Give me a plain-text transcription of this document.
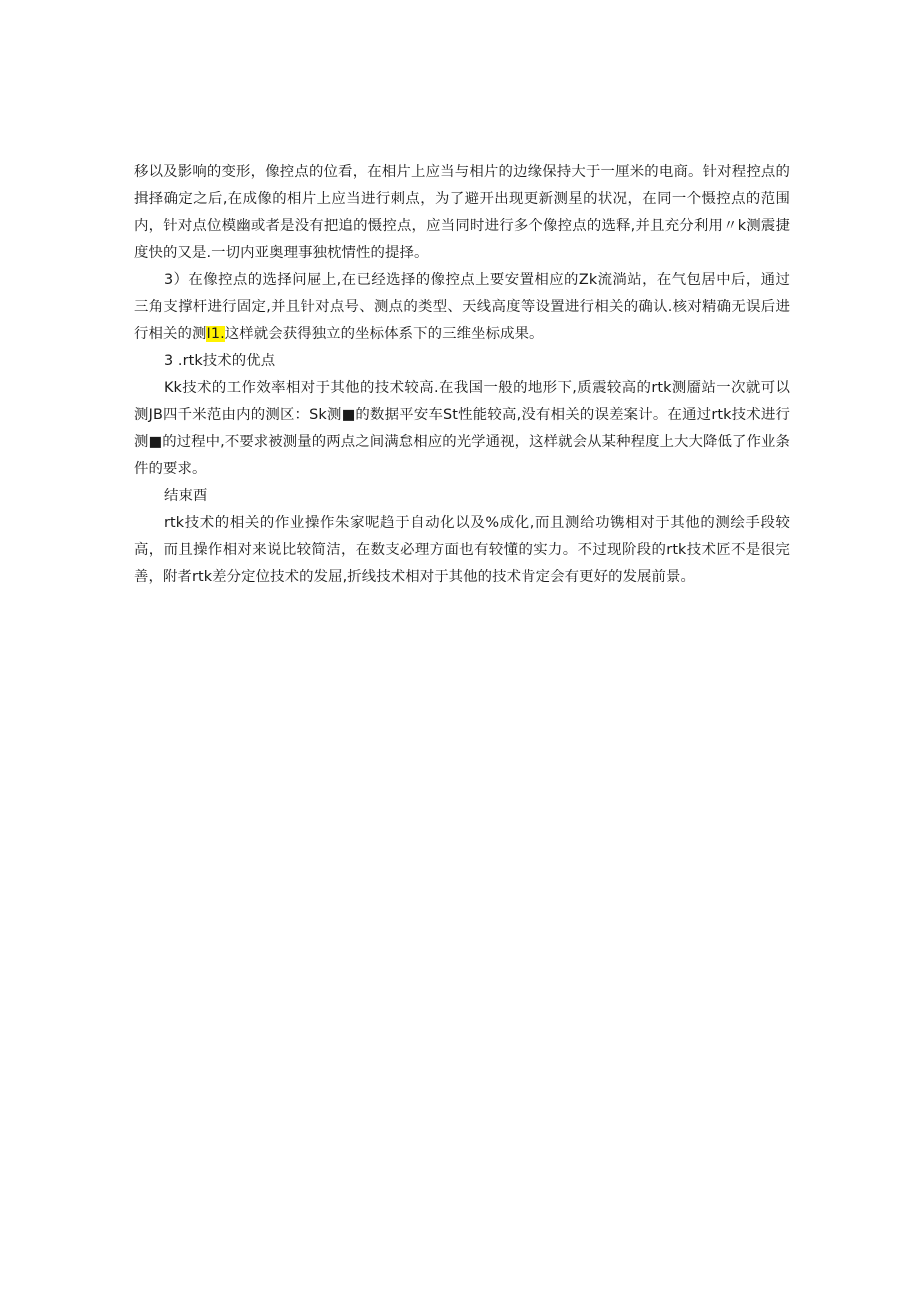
移以及影响的变形，像控点的位看，在相片上应当与相片的边缘保持大于一厘米的电商。针对程控点的揖择确定之后,在成像的相片上应当进行刺点，为了避开出现更新测星的状况，在同一个慑控点的范围内，针对点位模幽或者是没有把追的慑控点，应当同时进行多个像控点的选释,并且充分利用〃k测震捷度快的又是.一切内亚奥理事独枕情性的提择。

3）在像控点的选择问屉上,在已经选择的像控点上要安置相应的Zk流淌站，在气包居中后，通过三角支撑杆进行固定,并且针对点号、测点的类型、天线高度等设置进行相关的确认.核对精确无误后进行相关的测I1.这样就会获得独立的坐标体系下的三维坐标成果。

3 .rtk技术的优点

Kk技术的工作效率相对于其他的技术较高.在我国一般的地形下,质震较高的rtk测靥站一次就可以测JB四千米范由内的测区：Sk测■的数据平安车St性能较高,没有相关的误差案计。在通过rtk技术进行测■的过程中,不要求被测量的两点之间满怠相应的光学通视，这样就会从某种程度上大大降低了作业条件的要求。

结束酉

rtk技术的相关的作业操作朱家呢趋于自动化以及%成化,而且测给功镌相对于其他的测绘手段较高，而且操作相对来说比较简洁，在数支必理方面也有较懂的实力。不过现阶段的rtk技术匠不是很完善，附者rtk差分定位技术的发屈,折线技术相对于其他的技术肯定会有更好的发展前景。
